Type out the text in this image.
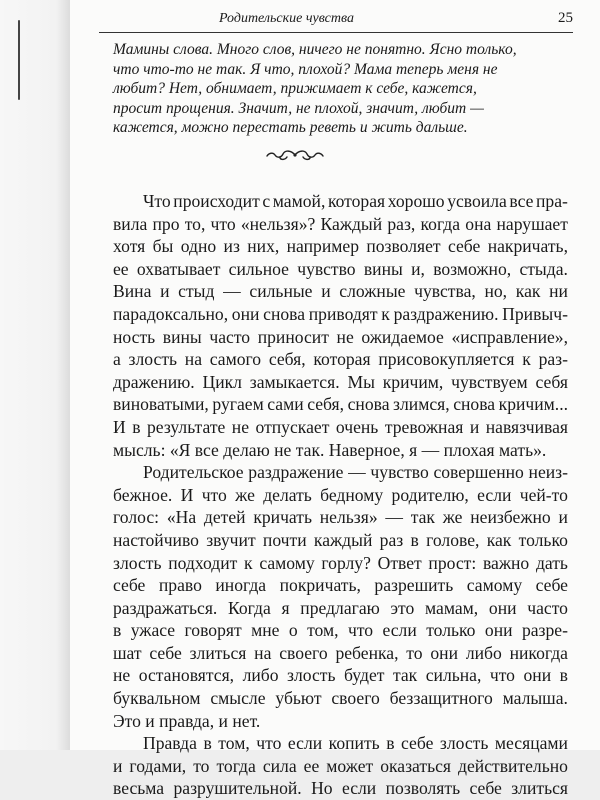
Родительские чувства	25
Мамины слова. Много слов, ничего не понятно. Ясно только,
что что-то не так. Я что, плохой? Мама теперь меня не
любит? Нет, обнимает, прижимает к себе, кажется,
просит прощения. Значит, не плохой, значит, любит —
кажется, можно перестать реветь и жить дальше.
Что происходит с мамой, которая хорошо усвоила все пра-
вила про то, что «нельзя»? Каждый раз, когда она нарушает
хотя бы одно из них, например позволяет себе накричать,
ее охватывает сильное чувство вины и, возможно, стыда.
Вина и стыд — сильные и сложные чувства, но, как ни
парадоксально, они снова приводят к раздражению. Привыч-
ность вины часто приносит не ожидаемое «исправление»,
а злость на самого себя, которая присовокупляется к раз-
дражению. Цикл замыкается. Мы кричим, чувствуем себя
виноватыми, ругаем сами себя, снова злимся, снова кричим...
И в результате не отпускает очень тревожная и навязчивая
мысль: «Я все делаю не так. Наверное, я — плохая мать».
Родительское раздражение — чувство совершенно неиз-
бежное. И что же делать бедному родителю, если чей-то
голос: «На детей кричать нельзя» — так же неизбежно и
настойчиво звучит почти каждый раз в голове, как только
злость подходит к самому горлу? Ответ прост: важно дать
себе право иногда покричать, разрешить самому себе
раздражаться. Когда я предлагаю это мамам, они часто
в ужасе говорят мне о том, что если только они разре-
шат себе злиться на своего ребенка, то они либо никогда
не остановятся, либо злость будет так сильна, что они в
буквальном смысле убьют своего беззащитного малыша.
Это и правда, и нет.
Правда в том, что если копить в себе злость месяцами
и годами, то тогда сила ее может оказаться действительно
весьма разрушительной. Но если позволять себе злиться
